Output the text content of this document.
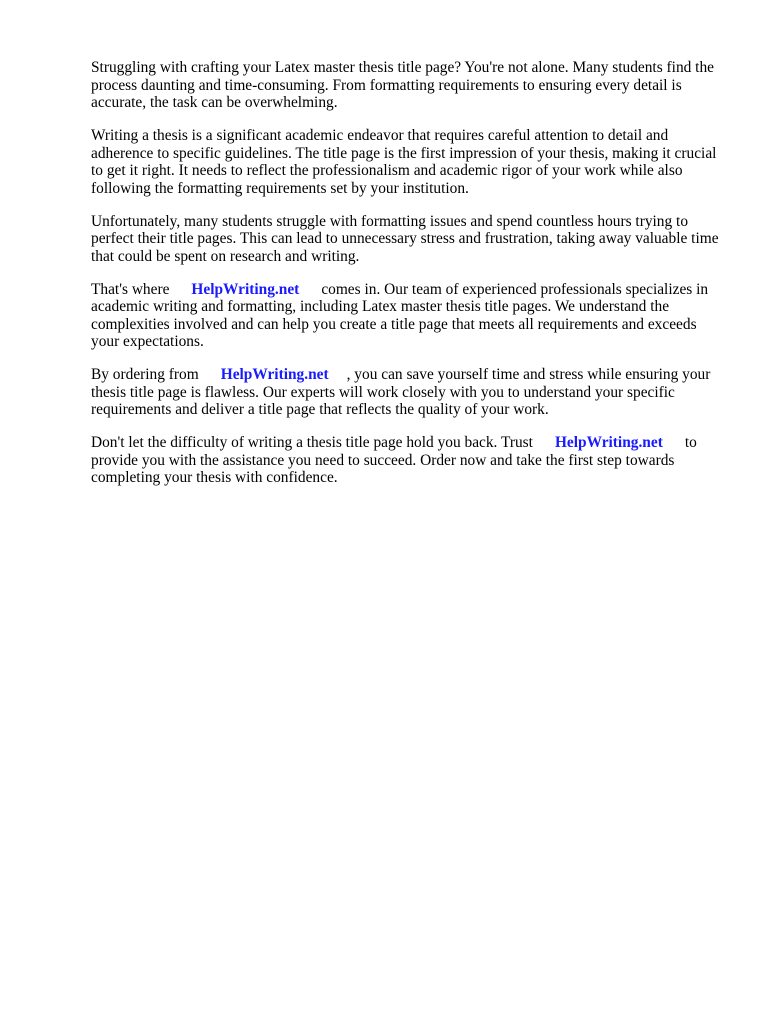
Struggling with crafting your Latex master thesis title page? You're not alone. Many students find the process daunting and time-consuming. From formatting requirements to ensuring every detail is accurate, the task can be overwhelming.

Writing a thesis is a significant academic endeavor that requires careful attention to detail and adherence to specific guidelines. The title page is the first impression of your thesis, making it crucial to get it right. It needs to reflect the professionalism and academic rigor of your work while also following the formatting requirements set by your institution.

Unfortunately, many students struggle with formatting issues and spend countless hours trying to perfect their title pages. This can lead to unnecessary stress and frustration, taking away valuable time that could be spent on research and writing.

That's where HelpWriting.net comes in. Our team of experienced professionals specializes in academic writing and formatting, including Latex master thesis title pages. We understand the complexities involved and can help you create a title page that meets all requirements and exceeds your expectations.

By ordering from HelpWriting.net , you can save yourself time and stress while ensuring your thesis title page is flawless. Our experts will work closely with you to understand your specific requirements and deliver a title page that reflects the quality of your work.

Don't let the difficulty of writing a thesis title page hold you back. Trust HelpWriting.net to provide you with the assistance you need to succeed. Order now and take the first step towards completing your thesis with confidence.
